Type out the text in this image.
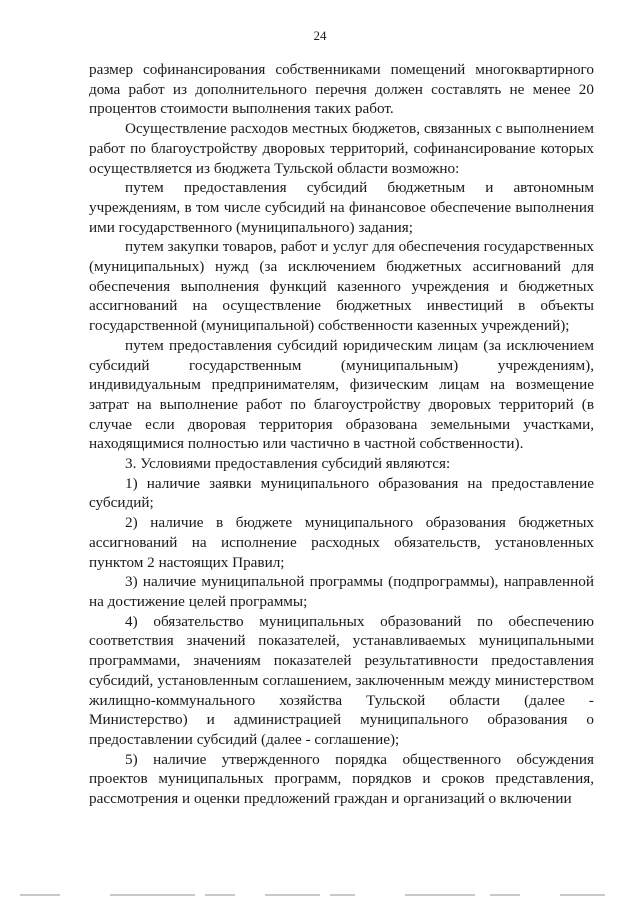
24

размер софинансирования собственниками помещений многоквартирного дома работ из дополнительного перечня должен составлять не менее 20 процентов стоимости выполнения таких работ.

Осуществление расходов местных бюджетов, связанных с выполнением работ по благоустройству дворовых территорий, софинансирование которых осуществляется из бюджета Тульской области возможно:

путем предоставления субсидий бюджетным и автономным учреждениям, в том числе субсидий на финансовое обеспечение выполнения ими государственного (муниципального) задания;

путем закупки товаров, работ и услуг для обеспечения государственных (муниципальных) нужд (за исключением бюджетных ассигнований для обеспечения выполнения функций казенного учреждения и бюджетных ассигнований на осуществление бюджетных инвестиций в объекты государственной (муниципальной) собственности казенных учреждений);

путем предоставления субсидий юридическим лицам (за исключением субсидий государственным (муниципальным) учреждениям), индивидуальным предпринимателям, физическим лицам на возмещение затрат на выполнение работ по благоустройству дворовых территорий (в случае если дворовая территория образована земельными участками, находящимися полностью или частично в частной собственности).

3. Условиями предоставления субсидий являются:

1) наличие заявки муниципального образования на предоставление субсидий;

2) наличие в бюджете муниципального образования бюджетных ассигнований на исполнение расходных обязательств, установленных пунктом 2 настоящих Правил;

3) наличие муниципальной программы (подпрограммы), направленной на достижение целей программы;

4) обязательство муниципальных образований по обеспечению соответствия значений показателей, устанавливаемых муниципальными программами, значениям показателей результативности предоставления субсидий, установленным соглашением, заключенным между министерством жилищно-коммунального хозяйства Тульской области (далее - Министерство) и администрацией муниципального образования о предоставлении субсидий (далее - соглашение);

5) наличие утвержденного порядка общественного обсуждения проектов муниципальных программ, порядков и сроков представления, рассмотрения и оценки предложений граждан и организаций о включении
